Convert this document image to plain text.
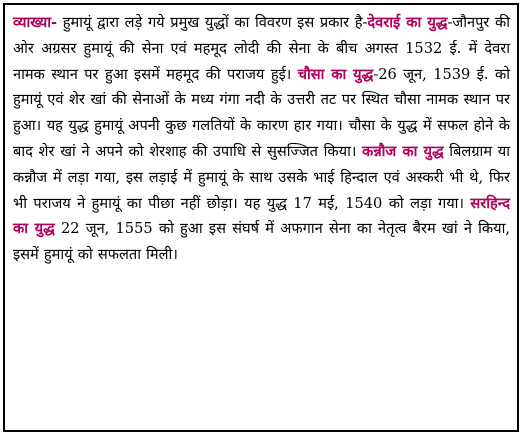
व्याख्या- हुमायूं द्वारा लड़े गये प्रमुख युद्धों का विवरण इस प्रकार है-देवराई का युद्ध-जौनपुर की ओर अग्रसर हुमायूं की सेना एवं महमूद लोदी की सेना के बीच अगस्त 1532 ई. में देवरा नामक स्थान पर हुआ इसमें महमूद की पराजय हुई। चौसा का युद्ध-26 जून, 1539 ई. को हुमायूं एवं शेर खां की सेनाओं के मध्य गंगा नदी के उत्तरी तट पर स्थित चौसा नामक स्थान पर हुआ। यह युद्ध हुमायूं अपनी कुछ गलतियों के कारण हार गया। चौसा के युद्ध में सफल होने के बाद शेर खां ने अपने को शेरशाह की उपाधि से सुसज्जित किया। कन्नौज का युद्ध बिलग्राम या कन्नौज में लड़ा गया, इस लड़ाई में हुमायूं के साथ उसके भाई हिन्दाल एवं अस्करी भी थे, फिर भी पराजय ने हुमायूं का पीछा नहीं छोड़ा। यह युद्ध 17 मई, 1540 को लड़ा गया। सरहिन्द का युद्ध 22 जून, 1555 को हुआ इस संघर्ष में अफगान सेना का नेतृत्व बैरम खां ने किया, इसमें हुमायूं को सफलता मिली।
